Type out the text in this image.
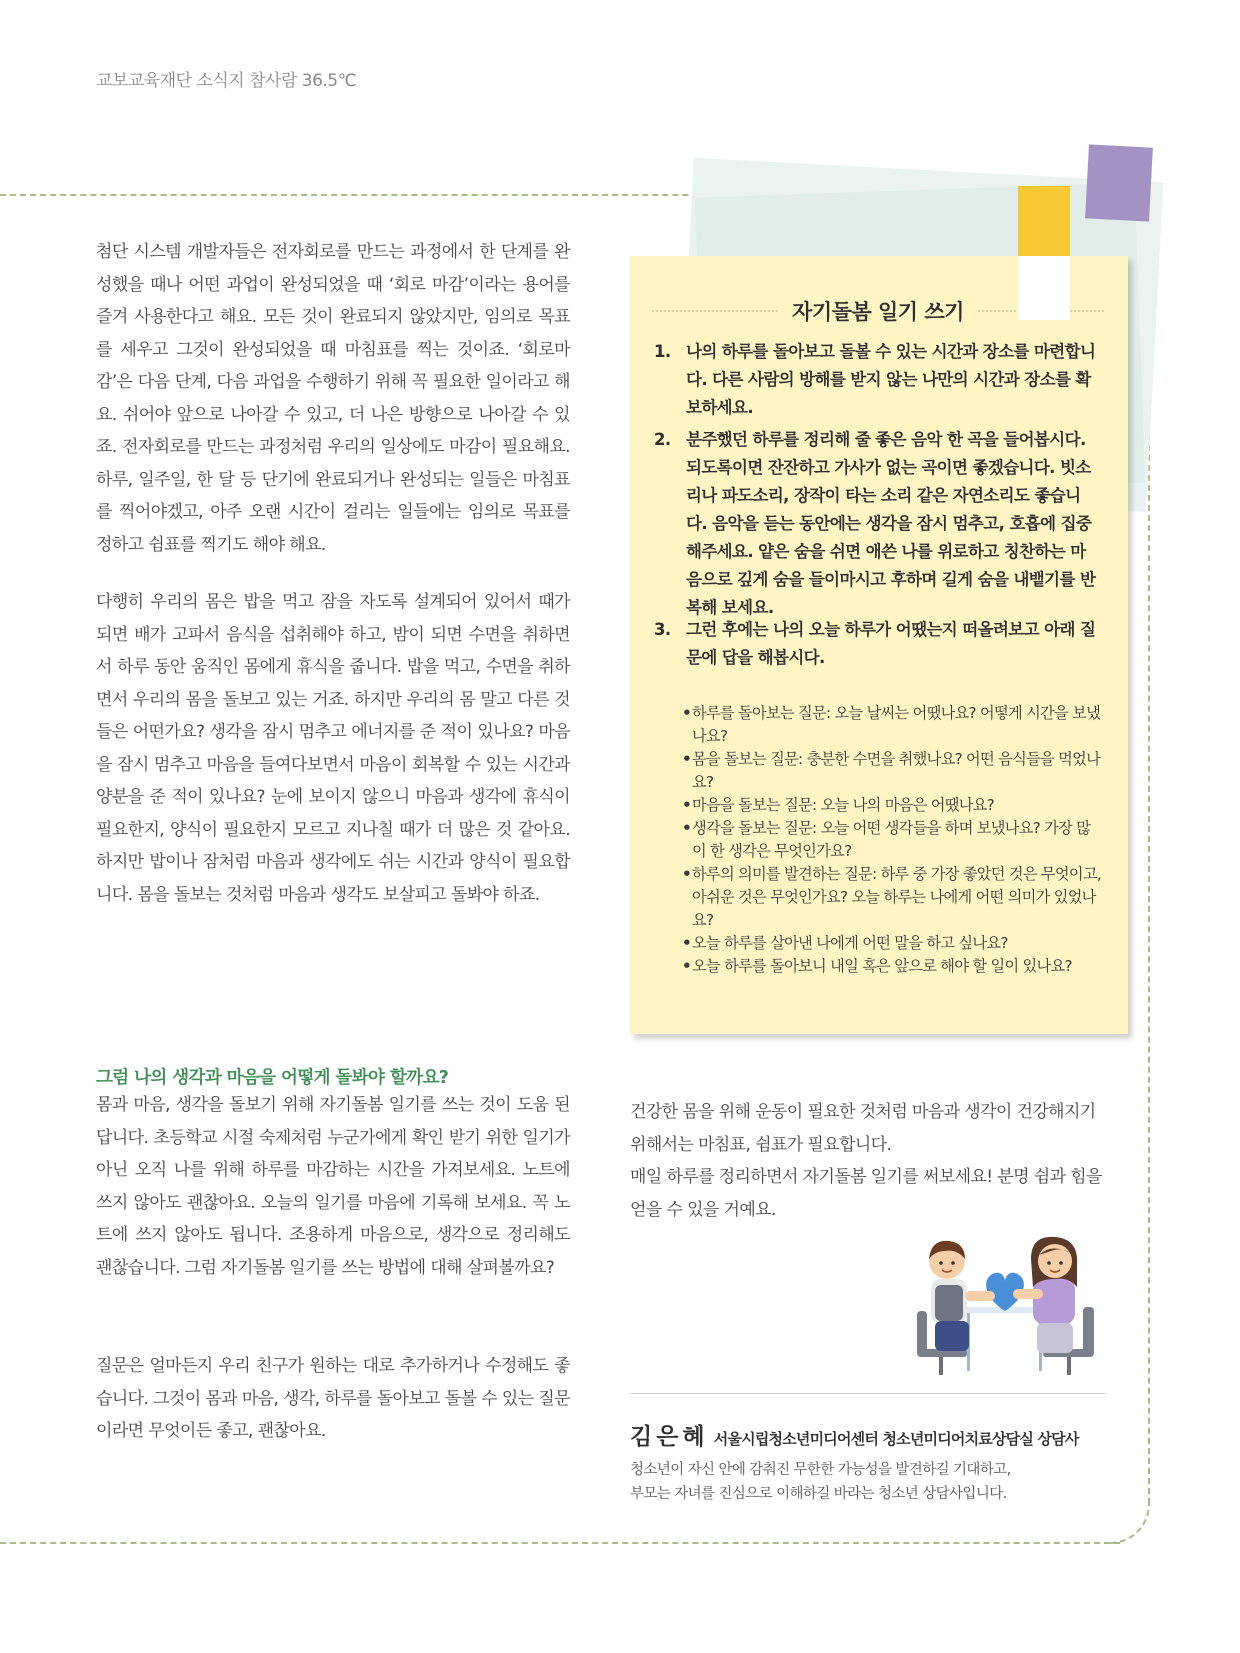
교보교육재단 소식지 참사람 36.5℃

첨단 시스템 개발자들은 전자회로를 만드는 과정에서 한 단계를 완성했을 때나 어떤 과업이 완성되었을 때 ‘회로 마감’이라는 용어를 즐겨 사용한다고 해요. 모든 것이 완료되지 않았지만, 임의로 목표를 세우고 그것이 완성되었을 때 마침표를 찍는 것이죠. ‘회로마감’은 다음 단계, 다음 과업을 수행하기 위해 꼭 필요한 일이라고 해요. 쉬어야 앞으로 나아갈 수 있고, 더 나은 방향으로 나아갈 수 있죠. 전자회로를 만드는 과정처럼 우리의 일상에도 마감이 필요해요. 하루, 일주일, 한 달 등 단기에 완료되거나 완성되는 일들은 마침표를 찍어야겠고, 아주 오랜 시간이 걸리는 일들에는 임의로 목표를 정하고 쉼표를 찍기도 해야 해요.

다행히 우리의 몸은 밥을 먹고 잠을 자도록 설계되어 있어서 때가 되면 배가 고파서 음식을 섭취해야 하고, 밤이 되면 수면을 취하면서 하루 동안 움직인 몸에게 휴식을 줍니다. 밥을 먹고, 수면을 취하면서 우리의 몸을 돌보고 있는 거죠. 하지만 우리의 몸 말고 다른 것들은 어떤가요? 생각을 잠시 멈추고 에너지를 준 적이 있나요? 마음을 잠시 멈추고 마음을 들여다보면서 마음이 회복할 수 있는 시간과 양분을 준 적이 있나요? 눈에 보이지 않으니 마음과 생각에 휴식이 필요한지, 양식이 필요한지 모르고 지나칠 때가 더 많은 것 같아요. 하지만 밥이나 잠처럼 마음과 생각에도 쉬는 시간과 양식이 필요합니다. 몸을 돌보는 것처럼 마음과 생각도 보살피고 돌봐야 하죠.

그럼 나의 생각과 마음을 어떻게 돌봐야 할까요?

몸과 마음, 생각을 돌보기 위해 자기돌봄 일기를 쓰는 것이 도움 된답니다. 초등학교 시절 숙제처럼 누군가에게 확인 받기 위한 일기가 아닌 오직 나를 위해 하루를 마감하는 시간을 가져보세요. 노트에 쓰지 않아도 괜찮아요. 오늘의 일기를 마음에 기록해 보세요. 꼭 노트에 쓰지 않아도 됩니다. 조용하게 마음으로, 생각으로 정리해도 괜찮습니다. 그럼 자기돌봄 일기를 쓰는 방법에 대해 살펴볼까요?

질문은 얼마든지 우리 친구가 원하는 대로 추가하거나 수정해도 좋습니다. 그것이 몸과 마음, 생각, 하루를 돌아보고 돌볼 수 있는 질문이라면 무엇이든 좋고, 괜찮아요.

자기돌봄 일기 쓰기
1. 나의 하루를 돌아보고 돌볼 수 있는 시간과 장소를 마련합니다. 다른 사람의 방해를 받지 않는 나만의 시간과 장소를 확보하세요.
2. 분주했던 하루를 정리해 줄 좋은 음악 한 곡을 들어봅시다. 되도록이면 잔잔하고 가사가 없는 곡이면 좋겠습니다. 빗소리나 파도소리, 장작이 타는 소리 같은 자연소리도 좋습니다. 음악을 듣는 동안에는 생각을 잠시 멈추고, 호흡에 집중해주세요. 얕은 숨을 쉬면 애쓴 나를 위로하고 칭찬하는 마음으로 깊게 숨을 들이마시고 후하며 길게 숨을 내뱉기를 반복해 보세요.
3. 그런 후에는 나의 오늘 하루가 어땠는지 떠올려보고 아래 질문에 답을 해봅시다.
• 하루를 돌아보는 질문: 오늘 날씨는 어땠나요? 어떻게 시간을 보냈나요?
• 몸을 돌보는 질문: 충분한 수면을 취했나요? 어떤 음식들을 먹었나요?
• 마음을 돌보는 질문: 오늘 나의 마음은 어땠나요?
• 생각을 돌보는 질문: 오늘 어떤 생각들을 하며 보냈나요? 가장 많이 한 생각은 무엇인가요?
• 하루의 의미를 발견하는 질문: 하루 중 가장 좋았던 것은 무엇이고, 아쉬운 것은 무엇인가요? 오늘 하루는 나에게 어떤 의미가 있었나요?
• 오늘 하루를 살아낸 나에게 어떤 말을 하고 싶나요?
• 오늘 하루를 돌아보니 내일 혹은 앞으로 해야 할 일이 있나요?

건강한 몸을 위해 운동이 필요한 것처럼 마음과 생각이 건강해지기 위해서는 마침표, 쉼표가 필요합니다.

매일 하루를 정리하면서 자기돌봄 일기를 써보세요! 분명 쉼과 힘을 얻을 수 있을 거예요.

김은혜 서울시립청소년미디어센터 청소년미디어치료상담실 상담사
청소년이 자신 안에 감춰진 무한한 가능성을 발견하길 기대하고,
부모는 자녀를 진심으로 이해하길 바라는 청소년 상담사입니다.
